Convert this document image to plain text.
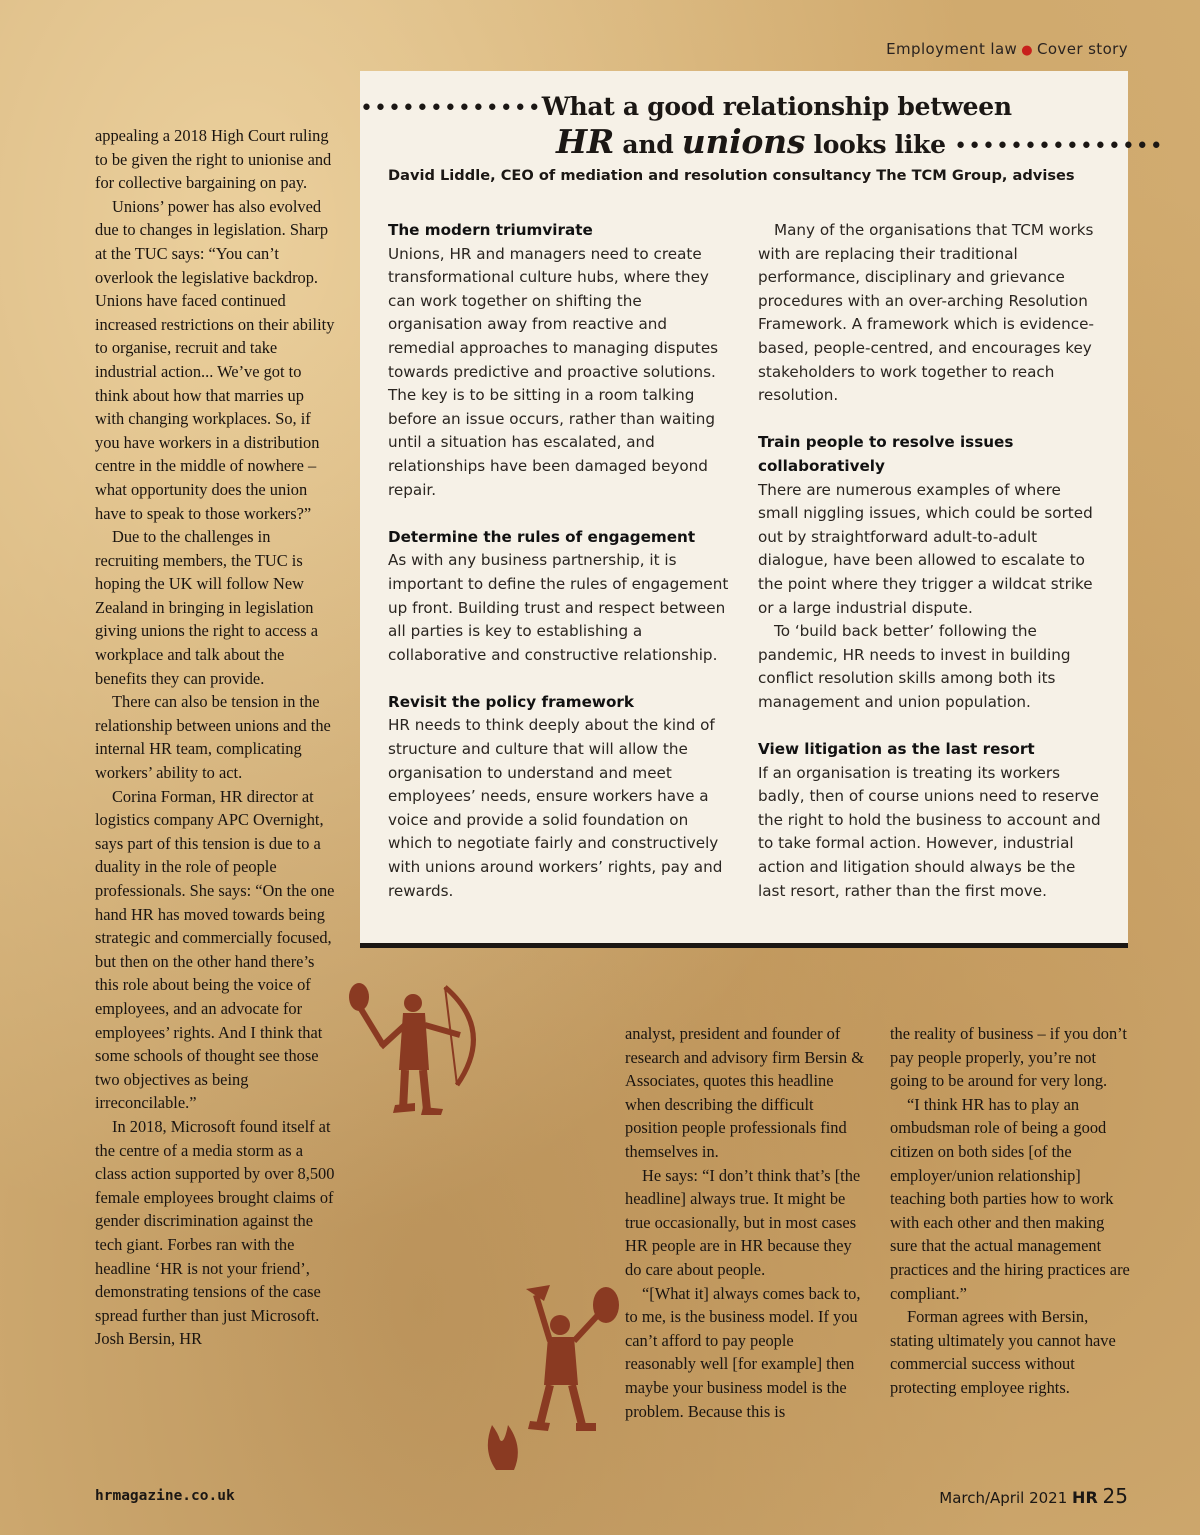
Employment law ● Cover story

appealing a 2018 High Court ruling to be given the right to unionise and for collective bargaining on pay.

Unions’ power has also evolved due to changes in legislation. Sharp at the TUC says: “You can’t overlook the legislative backdrop. Unions have faced continued increased restrictions on their ability to organise, recruit and take industrial action... We’ve got to think about how that marries up with changing workplaces. So, if you have workers in a distribution centre in the middle of nowhere – what opportunity does the union have to speak to those workers?”

Due to the challenges in recruiting members, the TUC is hoping the UK will follow New Zealand in bringing in legislation giving unions the right to access a workplace and talk about the benefits they can provide.

There can also be tension in the relationship between unions and the internal HR team, complicating workers’ ability to act.

Corina Forman, HR director at logistics company APC Overnight, says part of this tension is due to a duality in the role of people professionals. She says: “On the one hand HR has moved towards being strategic and commercially focused, but then on the other hand there’s this role about being the voice of employees, and an advocate for employees’ rights. And I think that some schools of thought see those two objectives as being irreconcilable.”

In 2018, Microsoft found itself at the centre of a media storm as a class action supported by over 8,500 female employees brought claims of gender discrimination against the tech giant. Forbes ran with the headline ‘HR is not your friend’, demonstrating tensions of the case spread further than just Microsoft. Josh Bersin, HR

•••••••••••••What a good relationship between
HR and unions looks like •••••••••••••••
David Liddle, CEO of mediation and resolution consultancy The TCM Group, advises
The modern triumvirate

Unions, HR and managers need to create transformational culture hubs, where they can work together on shifting the organisation away from reactive and remedial approaches to managing disputes towards predictive and proactive solutions. The key is to be sitting in a room talking before an issue occurs, rather than waiting until a situation has escalated, and relationships have been damaged beyond repair.

Determine the rules of engagement

As with any business partnership, it is important to define the rules of engagement up front. Building trust and respect between all parties is key to establishing a collaborative and constructive relationship.

Revisit the policy framework

HR needs to think deeply about the kind of structure and culture that will allow the organisation to understand and meet employees’ needs, ensure workers have a voice and provide a solid foundation on which to negotiate fairly and constructively with unions around workers’ rights, pay and rewards.

Many of the organisations that TCM works with are replacing their traditional performance, disciplinary and grievance procedures with an over-arching Resolution Framework. A framework which is evidence-based, people-centred, and encourages key stakeholders to work together to reach resolution.

Train people to resolve issues collaboratively

There are numerous examples of where small niggling issues, which could be sorted out by straightforward adult-to-adult dialogue, have been allowed to escalate to the point where they trigger a wildcat strike or a large industrial dispute.

To ‘build back better’ following the pandemic, HR needs to invest in building conflict resolution skills among both its management and union population.

View litigation as the last resort

If an organisation is treating its workers badly, then of course unions need to reserve the right to hold the business to account and to take formal action. However, industrial action and litigation should always be the last resort, rather than the first move.

analyst, president and founder of research and advisory firm Bersin & Associates, quotes this headline when describing the difficult position people professionals find themselves in.

He says: “I don’t think that’s [the headline] always true. It might be true occasionally, but in most cases HR people are in HR because they do care about people.

“[What it] always comes back to, to me, is the business model. If you can’t afford to pay people reasonably well [for example] then maybe your business model is the problem. Because this is

the reality of business – if you don’t pay people properly, you’re not going to be around for very long.

“I think HR has to play an ombudsman role of being a good citizen on both sides [of the employer/union relationship] teaching both parties how to work with each other and then making sure that the actual management practices and the hiring practices are compliant.”

Forman agrees with Bersin, stating ultimately you cannot have commercial success without protecting employee rights.

hrmagazine.co.uk	March/April 2021 HR 25
